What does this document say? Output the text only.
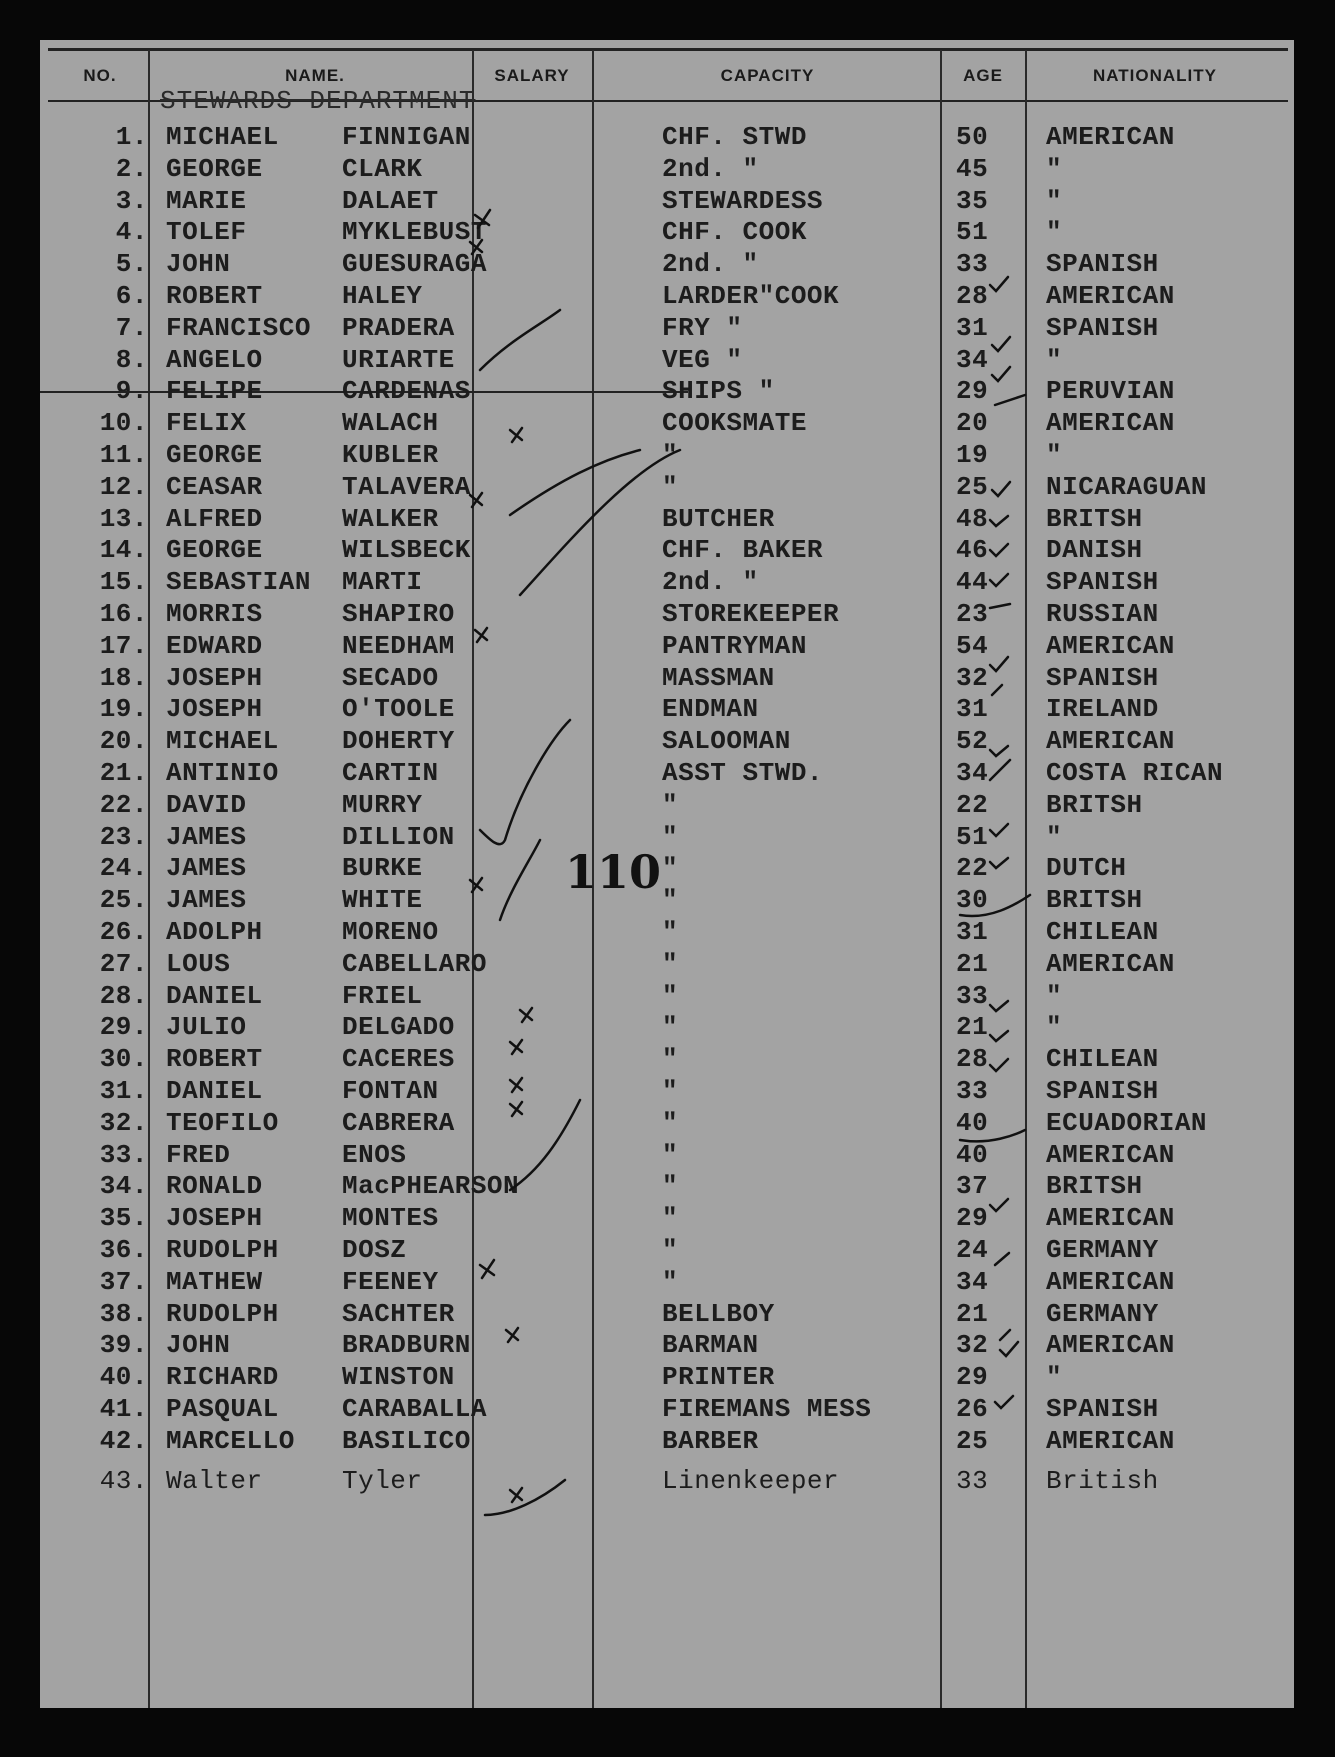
NO.	NAME.	SALARY	CAPACITY	AGE	NATIONALITY
STEWARDS DEPARTMENT
1. MICHAEL FINNIGAN	CHF. STWD	50 AMERICAN
2. GEORGE	CLARK	2nd. "	45 "
3. MARIE	DALAET	STEWARDESS	35 "
4. TOLEF	MYKLEBUST	CHF. COOK	51 "
5. JOHN	GUESURAGA	2nd. "	33 SPANISH
6. ROBERT	HALEY	LARDER"COOK	28 AMERICAN
7. FRANCISCO PRADERA	FRY "	31 SPANISH
8. ANGELO	URIARTE	VEG "	34 "
9. FELIPE	CARDENAS	SHIPS "	29 PERUVIAN
10. FELIX	WALACH	COOKSMATE	20 AMERICAN
11. GEORGE	KUBLER	"	19 "
12. CEASAR	TALAVERA	"	25 NICARAGUAN
13. ALFRED	WALKER	BUTCHER	48 BRITSH
14. GEORGE	WILSBECK	CHF. BAKER	46 DANISH
15. SEBASTIAN MARTI	2nd. "	44 SPANISH
16. MORRIS	SHAPIRO	STOREKEEPER	23 RUSSIAN
17. EDWARD	NEEDHAM	PANTRYMAN	54 AMERICAN
18. JOSEPH	SECADO	MASSMAN	32 SPANISH
19. JOSEPH	O'TOOLE	ENDMAN	31 IRELAND
20. MICHAEL DOHERTY	SALOOMAN	52 AMERICAN
21. ANTINIO CARTIN	ASST STWD.	34 COSTA RICAN
22. DAVID	MURRY	"	22 BRITSH
23. JAMES	DILLION	"	51 "
24. JAMES	BURKE	"	22 DUTCH
25. JAMES	WHITE	"	30 BRITSH
26. ADOLPH	MORENO	"	31 CHILEAN
27. LOUS	CABELLARO	"	21 AMERICAN
28. DANIEL	FRIEL	"	33 "
29. JULIO	DELGADO	"	21 "
30. ROBERT	CACERES	"	28 CHILEAN
31. DANIEL	FONTAN	"	33 SPANISH
32. TEOFILO CABRERA	"	40 ECUADORIAN
33. FRED	ENOS	"	40 AMERICAN
34. RONALD	MacPHEARSON	"	37 BRITSH
35. JOSEPH	MONTES	"	29 AMERICAN
36. RUDOLPH DOSZ	"	24 GERMANY
37. MATHEW	FEENEY	"	34 AMERICAN
38. RUDOLPH SACHTER	BELLBOY	21 GERMANY
39. JOHN	BRADBURN	BARMAN	32 AMERICAN
40. RICHARD WINSTON	PRINTER	29 "
41. PASQUAL CARABALLA	FIREMANS MESS	26 SPANISH
42. MARCELLO BASILICO	BARBER	25 AMERICAN
43. Walter	Tyler	Linenkeeper	33 British
110
